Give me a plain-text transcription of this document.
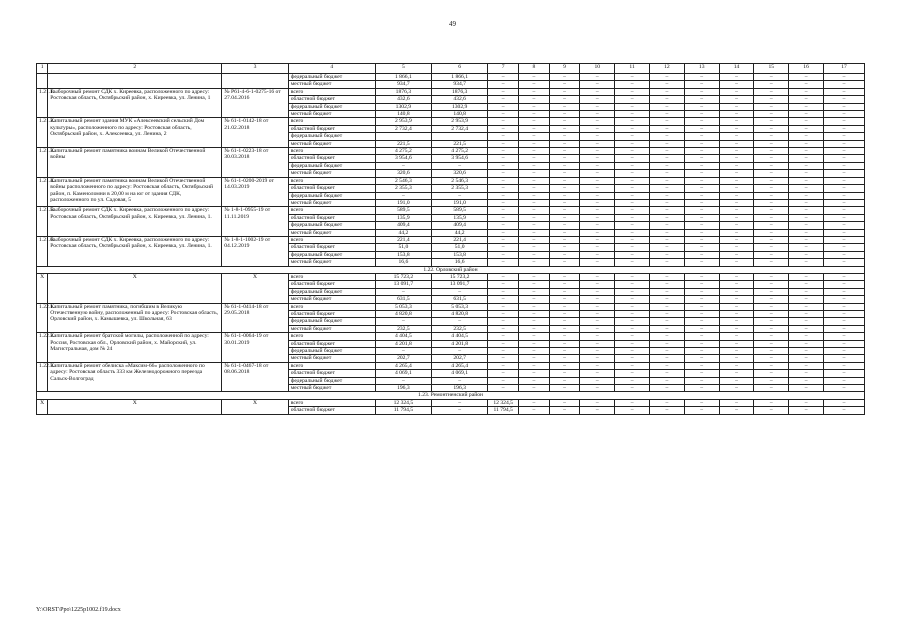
49
1	2	3	4	5	6	7	8	9	10	11	12	13	14	15	16	17
			федеральный бюджет	1 866,1	1 866,1	–	–	–	–	–	–	–	–	–	–	–
			местный бюджет	934,7	934,7	–	–	–	–	–	–	–	–	–	–	–
1.21.1.	Выборочный ремонт СДК х. Киреевка, расположенного по адресу: Ростовская область, Октябрьский район, х. Киреевка, ул. Ленина, 1	№ Р61-4-6-1-0275-16 от 27.04.2016	всего	1876,3	1876,3	–	–	–	–	–	–	–	–	–	–	–
			областной бюджет	432,6	432,6	–	–	–	–	–	–	–	–	–	–	–
			федеральный бюджет	1302,9	1302,9	–	–	–	–	–	–	–	–	–	–	–
			местный бюджет	140,8	140,8	–	–	–	–	–	–	–	–	–	–	–
1.21.2.	Капитальный ремонт здания МУК «Алексеевский сельский Дом культуры», расположенного по адресу: Ростовская область, Октябрьский район, х. Алексеевка, ул. Ленина, 2	№ 61-1-0142-18 от 21.02.2018	всего	2 953,9	2 953,9	–	–	–	–	–	–	–	–	–	–	–
			областной бюджет	2 732,4	2 732,4	–	–	–	–	–	–	–	–	–	–	–
			федеральный бюджет			–	–	–	–	–	–	–	–	–	–	–
			местный бюджет	221,5	221,5	–	–	–	–	–	–	–	–	–	–	–
1.21.3.	Капитальный ремонт памятника воинам Великой Отечественной войны	№ 61-1-0223-18 от 30.03.2018	всего	4 275,2	4 275,2	–	–	–	–	–	–	–	–	–	–	–
			областной бюджет	3 954,6	3 954,6	–	–	–	–	–	–	–	–	–	–	–
			федеральный бюджет	–	–	–	–	–	–	–	–	–	–	–	–	–
			местный бюджет	320,6	320,6	–	–	–	–	–	–	–	–	–	–	–
1.21.4.	Капитальный ремонт памятника воинам Великой Отечественной войны расположенного по адресу: Ростовская область, Октябрьский район, п. Каменоломни в 20,00 м на юг от здания СДК, расположенного по ул. Садовая, 5	№ 61-1-0200-2019 от 14.03.2019	всего	2 546,3	2 546,3	–	–	–	–	–	–	–	–	–	–	–
			областной бюджет	2 355,3	2 355,3	–	–	–	–	–	–	–	–	–	–	–
			федеральный бюджет	–	–	–	–	–	–	–	–	–	–	–	–	–
			местный бюджет	191,0	191,0	–	–	–	–	–	–	–	–	–	–	–
1.21.5.	Выборочный ремонт СДК х. Киреевка, расположенного по адресу: Ростовская область, Октябрьский район, х. Киреевка, ул. Ленина, 1.	№ 1-8-1-0955-19 от 11.11.2019	всего	589,5	589,5	–	–	–	–	–	–	–	–	–	–	–
			областной бюджет	135,9	135,9	–	–	–	–	–	–	–	–	–	–	–
			федеральный бюджет	409,4	409,4	–	–	–	–	–	–	–	–	–	–	–
			местный бюджет	44,2	44,2	–	–	–	–	–	–	–	–	–	–	–
1.21.6.	Выборочный ремонт СДК х. Киреевка, расположенного по адресу: Ростовская область, Октябрьский район, х. Киреевка, ул. Ленина, 1.	№ 1-8-1-1002-19 от 04.12.2019	всего	221,4	221,4	–	–	–	–	–	–	–	–	–	–	–
			областной бюджет	51,0	51,0	–	–	–	–	–	–	–	–	–	–	–
			федеральный бюджет	153,8	153,8	–	–	–	–	–	–	–	–	–	–	–
			местный бюджет	16,6	16,6	–	–	–	–	–	–	–	–	–	–	–
1.22. Орловский район																
X	X	X	всего	15 723,2	15 723,2	–	–	–	–	–	–	–	–	–	–	–
			областной бюджет	13 091,7	13 091,7	–	–	–	–	–	–	–	–	–	–	–
			федеральный бюджет	–	–	–	–	–	–	–	–	–	–	–	–	–
			местный бюджет	631,5	631,5	–	–	–	–	–	–	–	–	–	–	–
1.22.1.	Капитальный ремонт памятника, погибшим в Великую Отечественную войну, расположенный по адресу: Ростовская область, Орловский район, х. Камышевка, ул. Школьная, 63	№ 61-1-0414-18 от 29.05.2018	всего	5 053,3	5 053,3	–	–	–	–	–	–	–	–	–	–	–
			областной бюджет	4 820,8	4 820,8	–	–	–	–	–	–	–	–	–	–	–
			федеральный бюджет	–	–	–	–	–	–	–	–	–	–	–	–	–
			местный бюджет	232,5	232,5	–	–	–	–	–	–	–	–	–	–	–
1.22.2.	Капитальный ремонт братской могилы, расположенной по адресу: Россия, Ростовская обл., Орловский район, х. Майорский, ул. Магистральная, дом № 24	№ 61-1-0064-19 от 30.01.2019	всего	4 404,5	4 404,5	–	–	–	–	–	–	–	–	–	–	–
			областной бюджет	4 201,8	4 201,8	–	–	–	–	–	–	–	–	–	–	–
			федеральный бюджет	–	–	–	–	–	–	–	–	–	–	–	–	–
			местный бюджет	202,7	202,7	–	–	–	–	–	–	–	–	–	–	–
1.22.3.	Капитальный ремонт обелиска «Максим-66» расположенного по адресу: Ростовская область 333 км Железнодорожного переезда Сальск-Волгоград	№ 61-1-0467-18 от 08.06.2018	всего	4 265,4	4 265,4	–	–	–	–	–	–	–	–	–	–	–
			областной бюджет	4 069,1	4 069,1	–	–	–	–	–	–	–	–	–	–	–
			федеральный бюджет	–	–	–	–	–	–	–	–	–	–	–	–	–
			местный бюджет	196,3	196,3	–	–	–	–	–	–	–	–	–	–	–
1.23. Ремонтненский район																
X	X	X	всего	12 324,5	–	12 324,5	–	–	–	–	–	–	–	–	–	–
			областной бюджет	11 794,5	–	11 794,5	–	–	–	–	–	–	–	–	–	–
Y:\ORST\Ppo\1225p1002.f19.docx
